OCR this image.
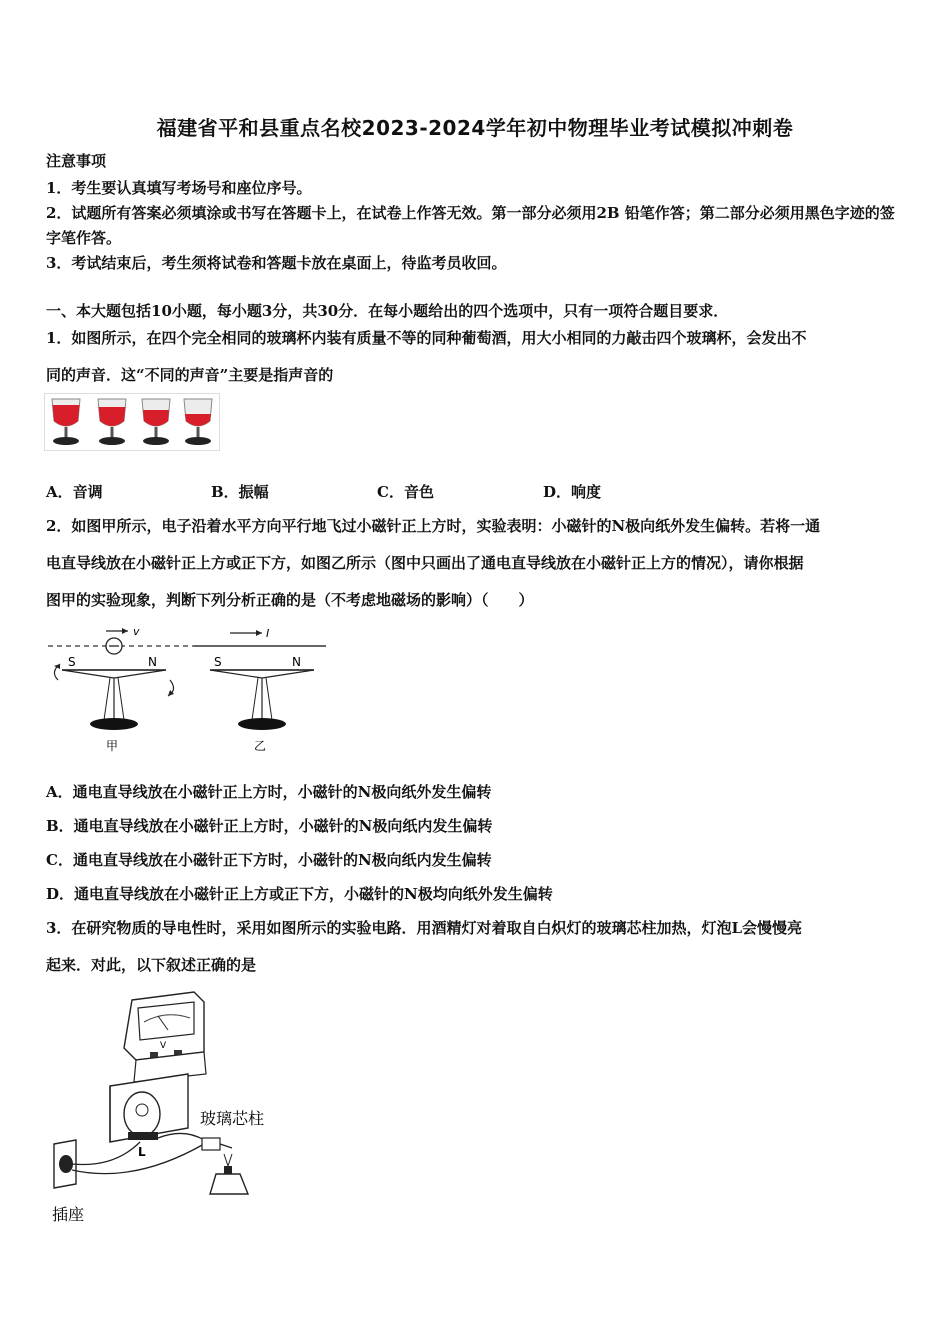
福建省平和县重点名校2023-2024学年初中物理毕业考试模拟冲刺卷
注意事项
1．考生要认真填写考场号和座位序号。
2．试题所有答案必须填涂或书写在答题卡上，在试卷上作答无效。第一部分必须用2B 铅笔作答；第二部分必须用黑色字迹的签字笔作答。
3．考试结束后，考生须将试卷和答题卡放在桌面上，待监考员收回。
一、本大题包括10小题，每小题3分，共30分．在每小题给出的四个选项中，只有一项符合题目要求．
1．如图所示，在四个完全相同的玻璃杯内装有质量不等的同种葡萄酒，用大小相同的力敲击四个玻璃杯，会发出不
同的声音．这“不同的声音”主要是指声音的
A．音调	B．振幅	C．音色	D．响度
2．如图甲所示，电子沿着水平方向平行地飞过小磁针正上方时，实验表明：小磁针的N极向纸外发生偏转。若将一通
电直导线放在小磁针正上方或正下方，如图乙所示（图中只画出了通电直导线放在小磁针正上方的情况），请你根据
图甲的实验现象，判断下列分析正确的是（不考虑地磁场的影响）（　　）
v
S	N
甲
I
S	N
乙
A．通电直导线放在小磁针正上方时，小磁针的N极向纸外发生偏转
B．通电直导线放在小磁针正上方时，小磁针的N极向纸内发生偏转
C．通电直导线放在小磁针正下方时，小磁针的N极向纸内发生偏转
D．通电直导线放在小磁针正上方或正下方，小磁针的N极均向纸外发生偏转
3．在研究物质的导电性时，采用如图所示的实验电路．用酒精灯对着取自白炽灯的玻璃芯柱加热，灯泡L会慢慢亮
起来．对此，以下叙述正确的是
V
L
插座
玻璃芯柱
